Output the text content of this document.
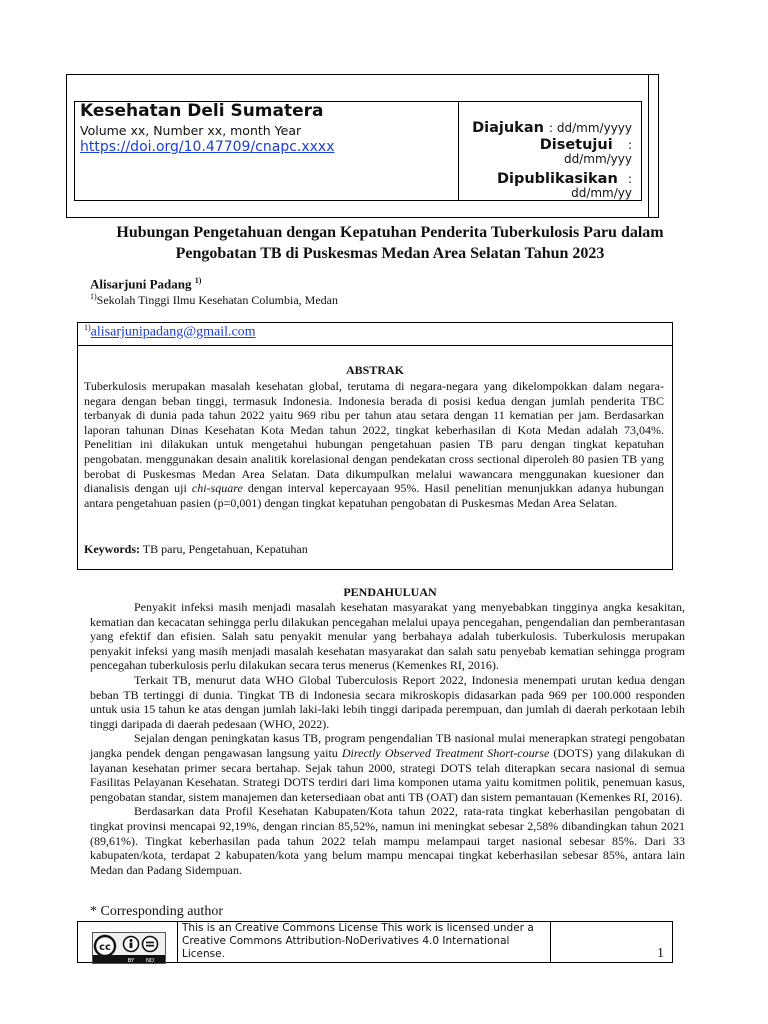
Kesehatan Deli Sumatera
Volume xx, Number xx, month Year
https://doi.org/10.47709/cnapc.xxxx
Diajukan : dd/mm/yyyy
Disetujui :
dd/mm/yyy
Dipublikasikan :
dd/mm/yy
Hubungan Pengetahuan dengan Kepatuhan Penderita Tuberkulosis Paru dalam Pengobatan TB di Puskesmas Medan Area Selatan Tahun 2023
Alisarjuni Padang $^{1)}$
$^{1)}$Sekolah Tinggi Ilmu Kesehatan Columbia, Medan
$^{1)}$alisarjunipadang@gmail.com
ABSTRAK
Tuberkulosis merupakan masalah kesehatan global, terutama di negara-negara yang dikelompokkan dalam negara-negara dengan beban tinggi, termasuk Indonesia. Indonesia berada di posisi kedua dengan jumlah penderita TBC terbanyak di dunia pada tahun 2022 yaitu 969 ribu per tahun atau setara dengan 11 kematian per jam. Berdasarkan laporan tahunan Dinas Kesehatan Kota Medan tahun 2022, tingkat keberhasilan di Kota Medan adalah 73,04%. Penelitian ini dilakukan untuk mengetahui hubungan pengetahuan pasien TB paru dengan tingkat kepatuhan pengobatan. menggunakan desain analitik korelasional dengan pendekatan cross sectional diperoleh 80 pasien TB yang berobat di Puskesmas Medan Area Selatan. Data dikumpulkan melalui wawancara menggunakan kuesioner dan dianalisis dengan uji chi-square dengan interval kepercayaan 95%. Hasil penelitian menunjukkan adanya hubungan antara pengetahuan pasien (p=0,001) dengan tingkat kepatuhan pengobatan di Puskesmas Medan Area Selatan.
Keywords: TB paru, Pengetahuan, Kepatuhan
PENDAHULUAN

Penyakit infeksi masih menjadi masalah kesehatan masyarakat yang menyebabkan tingginya angka kesakitan, kematian dan kecacatan sehingga perlu dilakukan pencegahan melalui upaya pencegahan, pengendalian dan pemberantasan yang efektif dan efisien. Salah satu penyakit menular yang berbahaya adalah tuberkulosis. Tuberkulosis merupakan penyakit infeksi yang masih menjadi masalah kesehatan masyarakat dan salah satu penyebab kematian sehingga program pencegahan tuberkulosis perlu dilakukan secara terus menerus (Kemenkes RI, 2016).

Terkait TB, menurut data WHO Global Tuberculosis Report 2022, Indonesia menempati urutan kedua dengan beban TB tertinggi di dunia. Tingkat TB di Indonesia secara mikroskopis didasarkan pada 969 per 100.000 responden untuk usia 15 tahun ke atas dengan jumlah laki-laki lebih tinggi daripada perempuan, dan jumlah di daerah perkotaan lebih tinggi daripada di daerah pedesaan (WHO, 2022).

Sejalan dengan peningkatan kasus TB, program pengendalian TB nasional mulai menerapkan strategi pengobatan jangka pendek dengan pengawasan langsung yaitu Directly Observed Treatment Short-course (DOTS) yang dilakukan di layanan kesehatan primer secara bertahap. Sejak tahun 2000, strategi DOTS telah diterapkan secara nasional di semua Fasilitas Pelayanan Kesehatan. Strategi DOTS terdiri dari lima komponen utama yaitu komitmen politik, penemuan kasus, pengobatan standar, sistem manajemen dan ketersediaan obat anti TB (OAT) dan sistem pemantauan (Kemenkes RI, 2016).

Berdasarkan data Profil Kesehatan Kabupaten/Kota tahun 2022, rata-rata tingkat keberhasilan pengobatan di tingkat provinsi mencapai 92,19%, dengan rincian 85,52%, namun ini meningkat sebesar 2,58% dibandingkan tahun 2021 (89,61%). Tingkat keberhasilan pada tahun 2022 telah mampu melampaui target nasional sebesar 85%. Dari 33 kabupaten/kota, terdapat 2 kabupaten/kota yang belum mampu mencapai tingkat keberhasilan sebesar 85%, antara lain Medan dan Padang Sidempuan.

* Corresponding author
cc
BY ND
This is an Creative Commons License This work is licensed under a Creative Commons Attribution-NoDerivatives 4.0 International License.	1
